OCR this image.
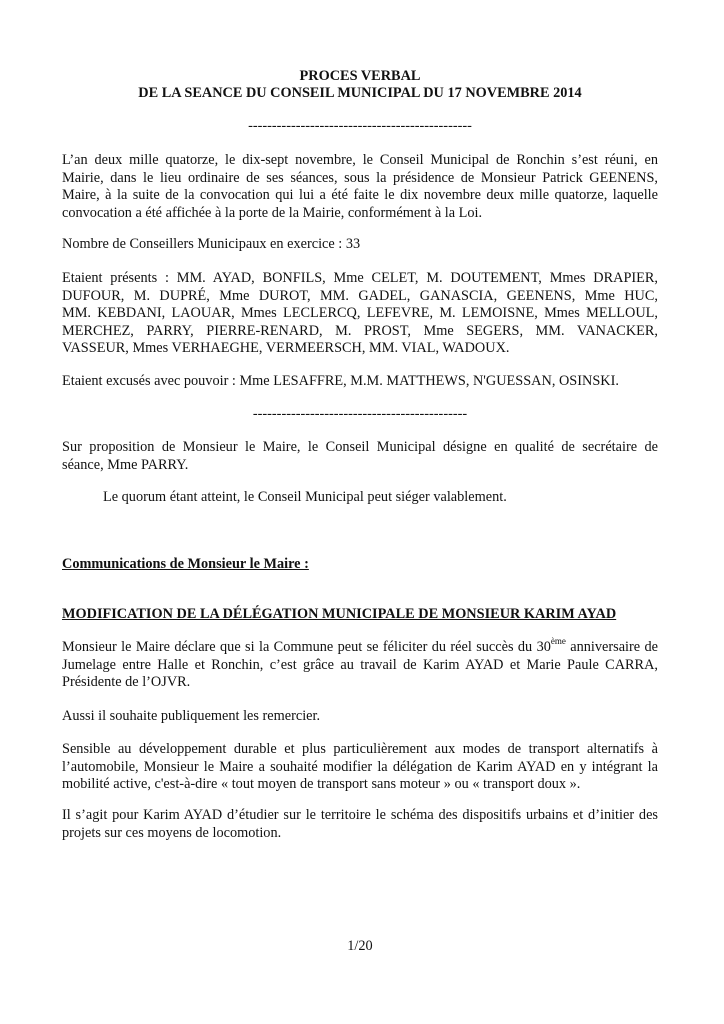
PROCES VERBAL
DE LA SEANCE DU CONSEIL MUNICIPAL DU 17 NOVEMBRE 2014
-----------------------------------------------
L’an deux mille quatorze, le dix-sept novembre, le Conseil Municipal de Ronchin s’est réuni, en
Mairie, dans le lieu ordinaire de ses séances, sous la présidence de Monsieur Patrick GEENENS,
Maire, à la suite de la convocation qui lui a été faite le dix novembre deux mille quatorze, laquelle
convocation a été affichée à la porte de la Mairie, conformément à la Loi.
Nombre de Conseillers Municipaux en exercice : 33
Etaient présents : MM. AYAD, BONFILS, Mme CELET, M. DOUTEMENT, Mmes DRAPIER,
DUFOUR, M. DUPRÉ, Mme DUROT, MM. GADEL, GANASCIA, GEENENS, Mme HUC,
MM. KEBDANI, LAOUAR, Mmes LECLERCQ, LEFEVRE, M. LEMOISNE, Mmes MELLOUL,
MERCHEZ, PARRY, PIERRE-RENARD, M. PROST, Mme SEGERS, MM. VANACKER,
VASSEUR, Mmes VERHAEGHE, VERMEERSCH, MM. VIAL, WADOUX.
Etaient excusés avec pouvoir : Mme LESAFFRE, M.M. MATTHEWS, N'GUESSAN, OSINSKI.
---------------------------------------------
Sur proposition de Monsieur le Maire, le Conseil Municipal désigne en qualité de secrétaire de
séance, Mme PARRY.
Le quorum étant atteint, le Conseil Municipal peut siéger valablement.
Communications de Monsieur le Maire :
MODIFICATION DE LA DÉLÉGATION MUNICIPALE DE MONSIEUR KARIM AYAD
Monsieur le Maire déclare que si la Commune peut se féliciter du réel succès du 30ème anniversaire de
Jumelage entre Halle et Ronchin, c’est grâce au travail de Karim AYAD et Marie Paule CARRA,
Présidente de l’OJVR.
Aussi il souhaite publiquement les remercier.
Sensible au développement durable et plus particulièrement aux modes de transport alternatifs à
l’automobile, Monsieur le Maire a souhaité modifier la délégation de Karim AYAD en y intégrant la
mobilité active, c'est-à-dire « tout moyen de transport sans moteur » ou « transport doux ».
Il s’agit pour Karim AYAD d’étudier sur le territoire le schéma des dispositifs urbains et d’initier des
projets sur ces moyens de locomotion.
1/20
